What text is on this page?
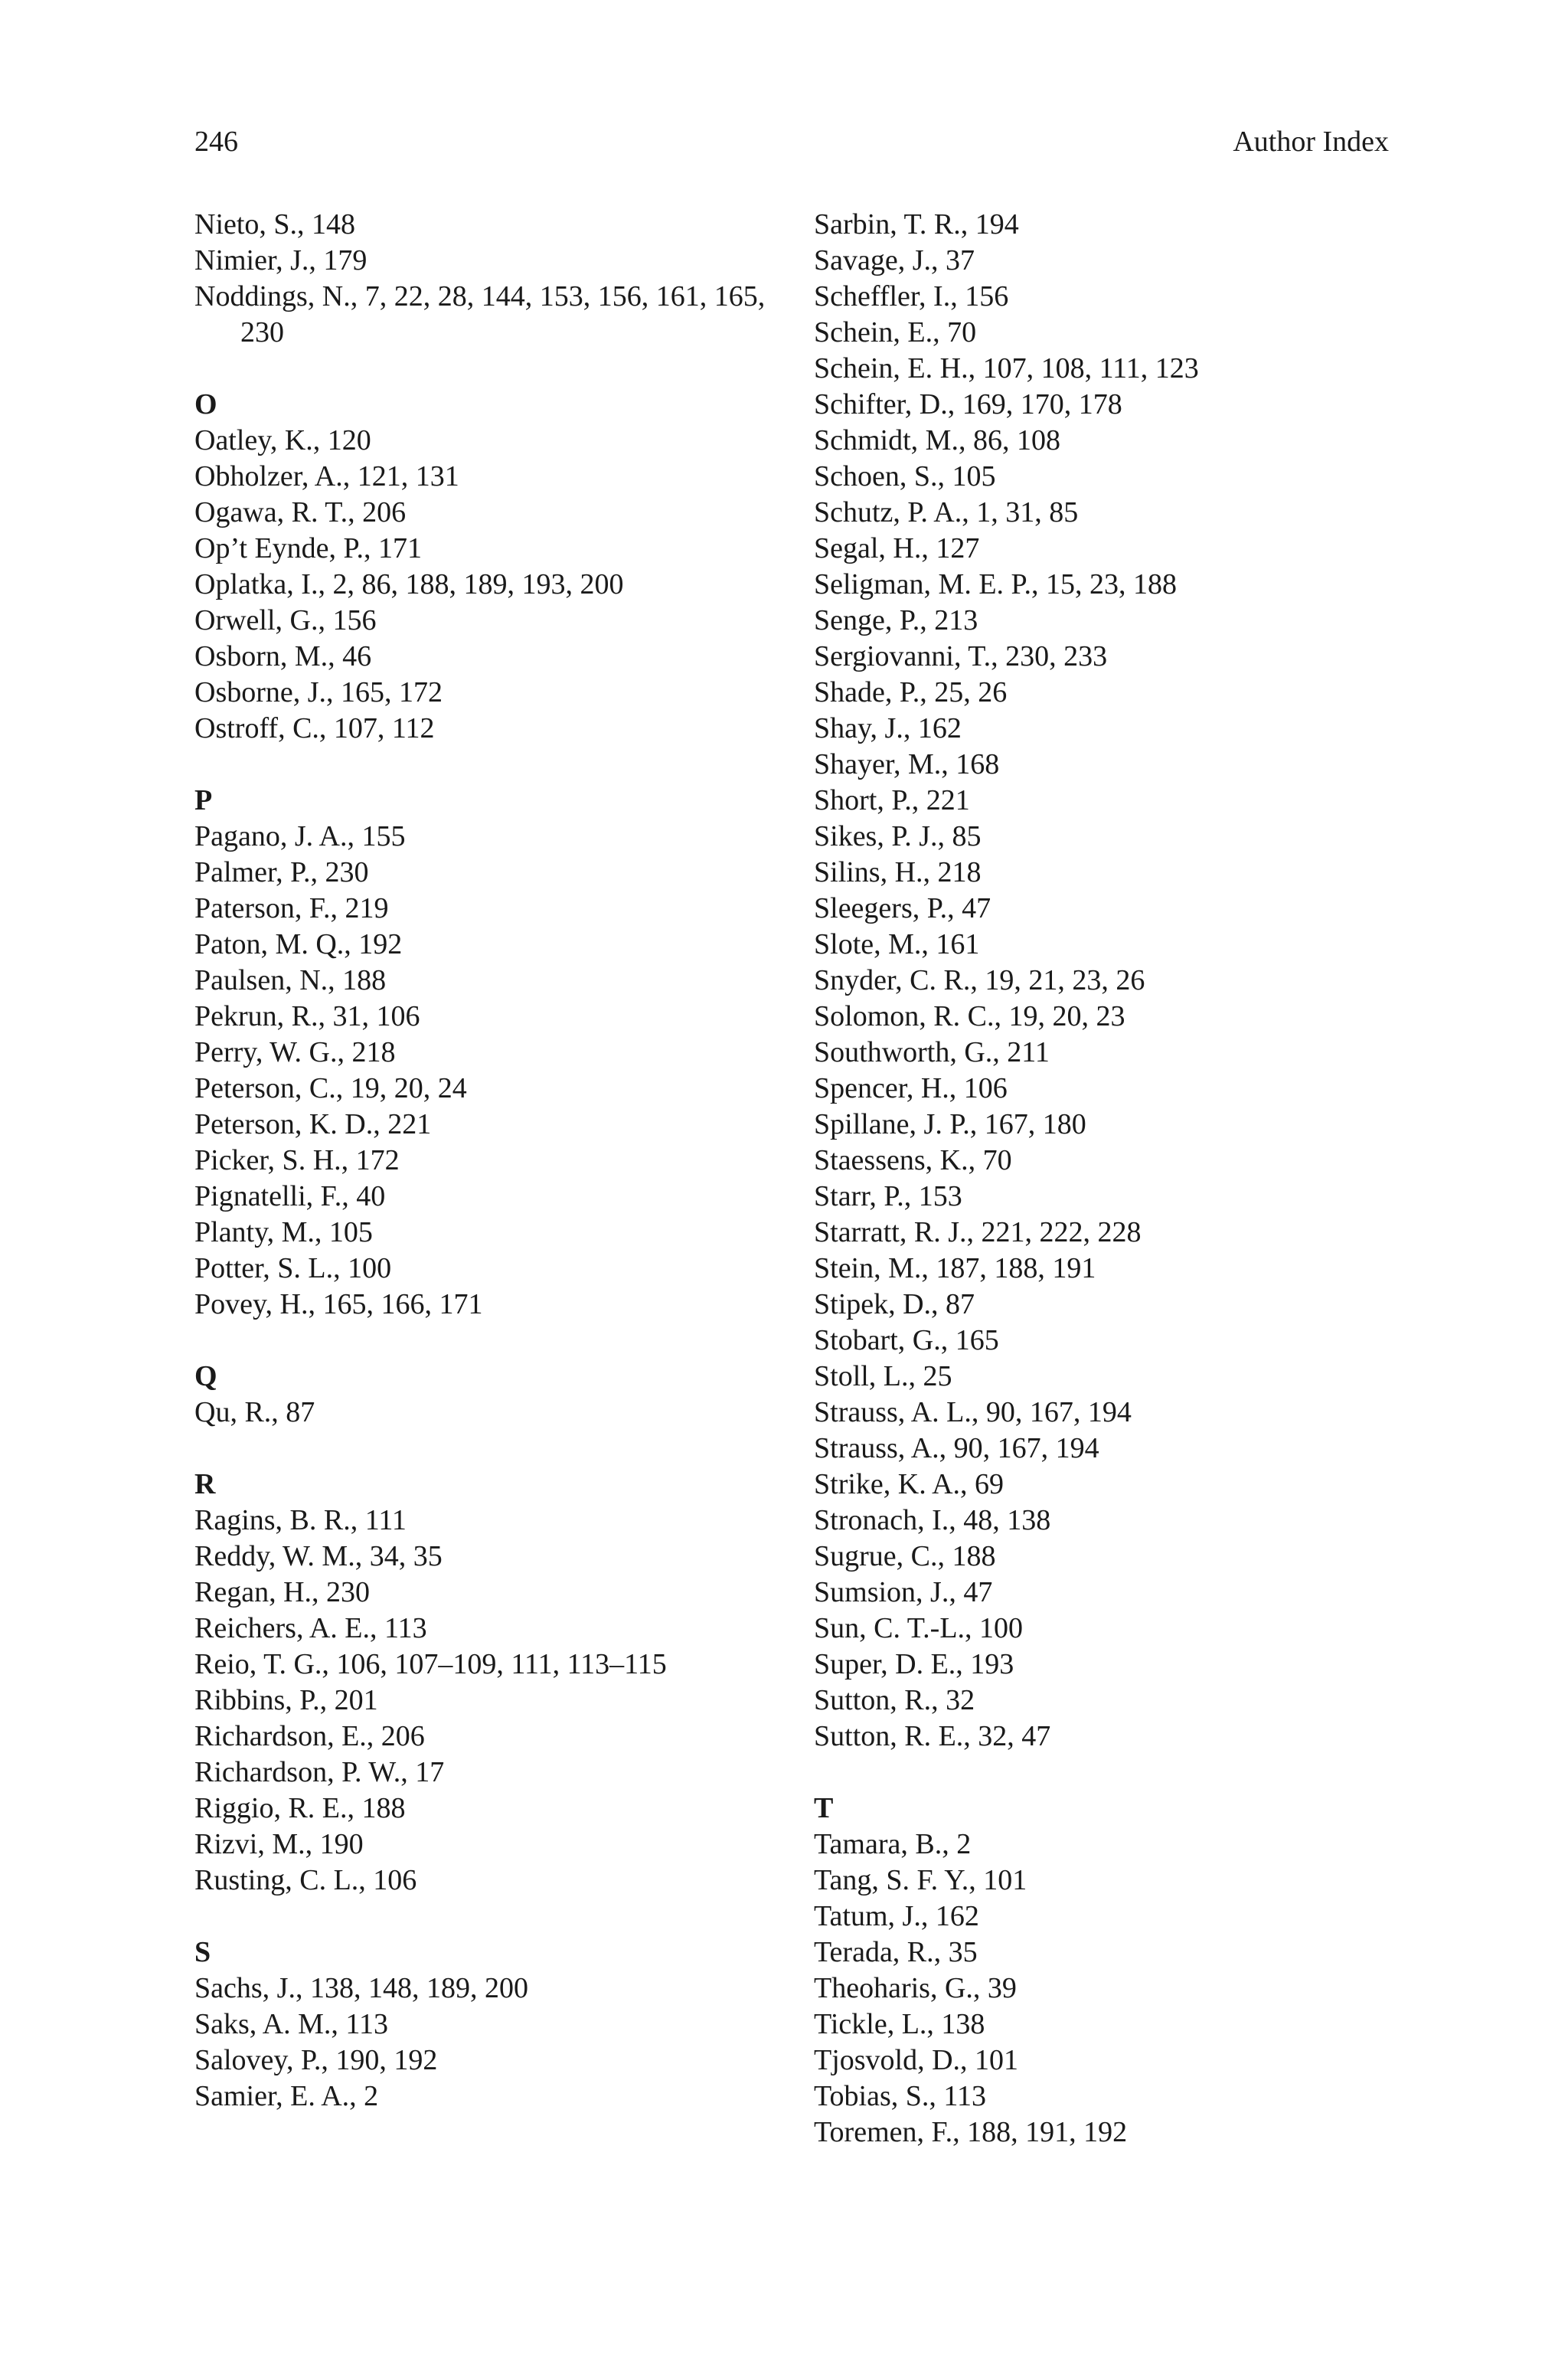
246	Author Index
Nieto, S., 148
Nimier, J., 179
Noddings, N., 7, 22, 28, 144, 153, 156, 161, 165, 230
O
Oatley, K., 120
Obholzer, A., 121, 131
Ogawa, R. T., 206
Op’t Eynde, P., 171
Oplatka, I., 2, 86, 188, 189, 193, 200
Orwell, G., 156
Osborn, M., 46
Osborne, J., 165, 172
Ostroff, C., 107, 112
P
Pagano, J. A., 155
Palmer, P., 230
Paterson, F., 219
Paton, M. Q., 192
Paulsen, N., 188
Pekrun, R., 31, 106
Perry, W. G., 218
Peterson, C., 19, 20, 24
Peterson, K. D., 221
Picker, S. H., 172
Pignatelli, F., 40
Planty, M., 105
Potter, S. L., 100
Povey, H., 165, 166, 171
Q
Qu, R., 87
R
Ragins, B. R., 111
Reddy, W. M., 34, 35
Regan, H., 230
Reichers, A. E., 113
Reio, T. G., 106, 107–109, 111, 113–115
Ribbins, P., 201
Richardson, E., 206
Richardson, P. W., 17
Riggio, R. E., 188
Rizvi, M., 190
Rusting, C. L., 106
S
Sachs, J., 138, 148, 189, 200
Saks, A. M., 113
Salovey, P., 190, 192
Samier, E. A., 2
Sarbin, T. R., 194
Savage, J., 37
Scheffler, I., 156
Schein, E., 70
Schein, E. H., 107, 108, 111, 123
Schifter, D., 169, 170, 178
Schmidt, M., 86, 108
Schoen, S., 105
Schutz, P. A., 1, 31, 85
Segal, H., 127
Seligman, M. E. P., 15, 23, 188
Senge, P., 213
Sergiovanni, T., 230, 233
Shade, P., 25, 26
Shay, J., 162
Shayer, M., 168
Short, P., 221
Sikes, P. J., 85
Silins, H., 218
Sleegers, P., 47
Slote, M., 161
Snyder, C. R., 19, 21, 23, 26
Solomon, R. C., 19, 20, 23
Southworth, G., 211
Spencer, H., 106
Spillane, J. P., 167, 180
Staessens, K., 70
Starr, P., 153
Starratt, R. J., 221, 222, 228
Stein, M., 187, 188, 191
Stipek, D., 87
Stobart, G., 165
Stoll, L., 25
Strauss, A. L., 90, 167, 194
Strauss, A., 90, 167, 194
Strike, K. A., 69
Stronach, I., 48, 138
Sugrue, C., 188
Sumsion, J., 47
Sun, C. T.-L., 100
Super, D. E., 193
Sutton, R., 32
Sutton, R. E., 32, 47
T
Tamara, B., 2
Tang, S. F. Y., 101
Tatum, J., 162
Terada, R., 35
Theoharis, G., 39
Tickle, L., 138
Tjosvold, D., 101
Tobias, S., 113
Toremen, F., 188, 191, 192
